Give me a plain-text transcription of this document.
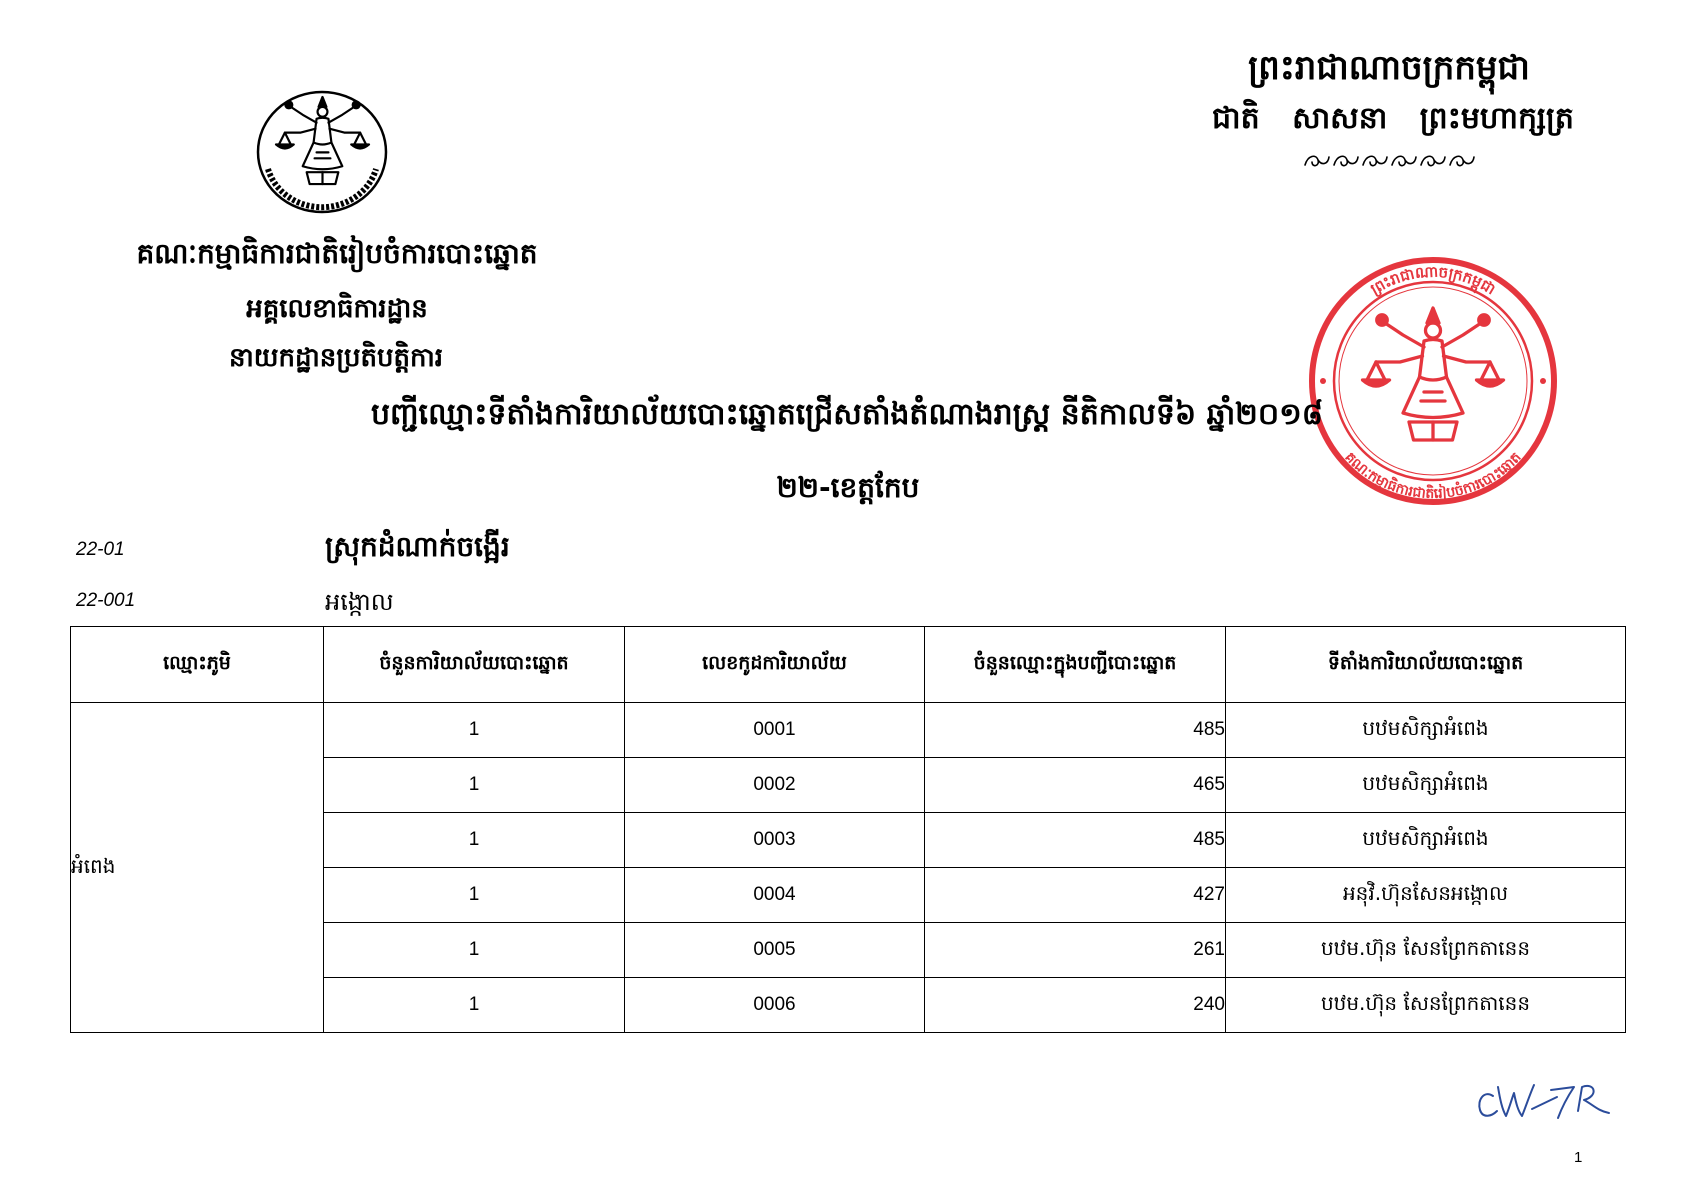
ព្រះរាជាណាចក្រកម្ពុជា
ជាតិ សាសនា ព្រះមហាក្សត្រ
គណៈកម្មាធិការជាតិរៀបចំការបោះឆ្នោត
អគ្គលេខាធិការដ្ឋាន
នាយកដ្ឋានប្រតិបត្តិការ
ព្រះរាជាណាចក្រកម្ពុជា
គណៈកម្មាធិការជាតិរៀបចំការបោះឆ្នោត
បញ្ជីឈ្មោះទីតាំងការិយាល័យបោះឆ្នោតជ្រើសតាំងតំណាងរាស្ត្រ នីតិកាលទី៦ ឆ្នាំ២០១៨
២២-ខេត្តកែប
22-01	ស្រុកដំណាក់ចង្អើរ
22-001	អង្កោល
ឈ្មោះភូមិ	ចំនួនការិយាល័យបោះឆ្នោត	លេខកូដការិយាល័យ	ចំនួនឈ្មោះក្នុងបញ្ជីបោះឆ្នោត	ទីតាំងការិយាល័យបោះឆ្នោត
អំពេង	1	0001	485	បឋមសិក្សាអំពេង
	1	0002	465	បឋមសិក្សាអំពេង
	1	0003	485	បឋមសិក្សាអំពេង
	1	0004	427	អនុវិ.ហ៊ុនសែនអង្កោល
	1	0005	261	បឋម.ហ៊ុន សែនព្រែកតានេន
	1	0006	240	បឋម.ហ៊ុន សែនព្រែកតានេន
1
